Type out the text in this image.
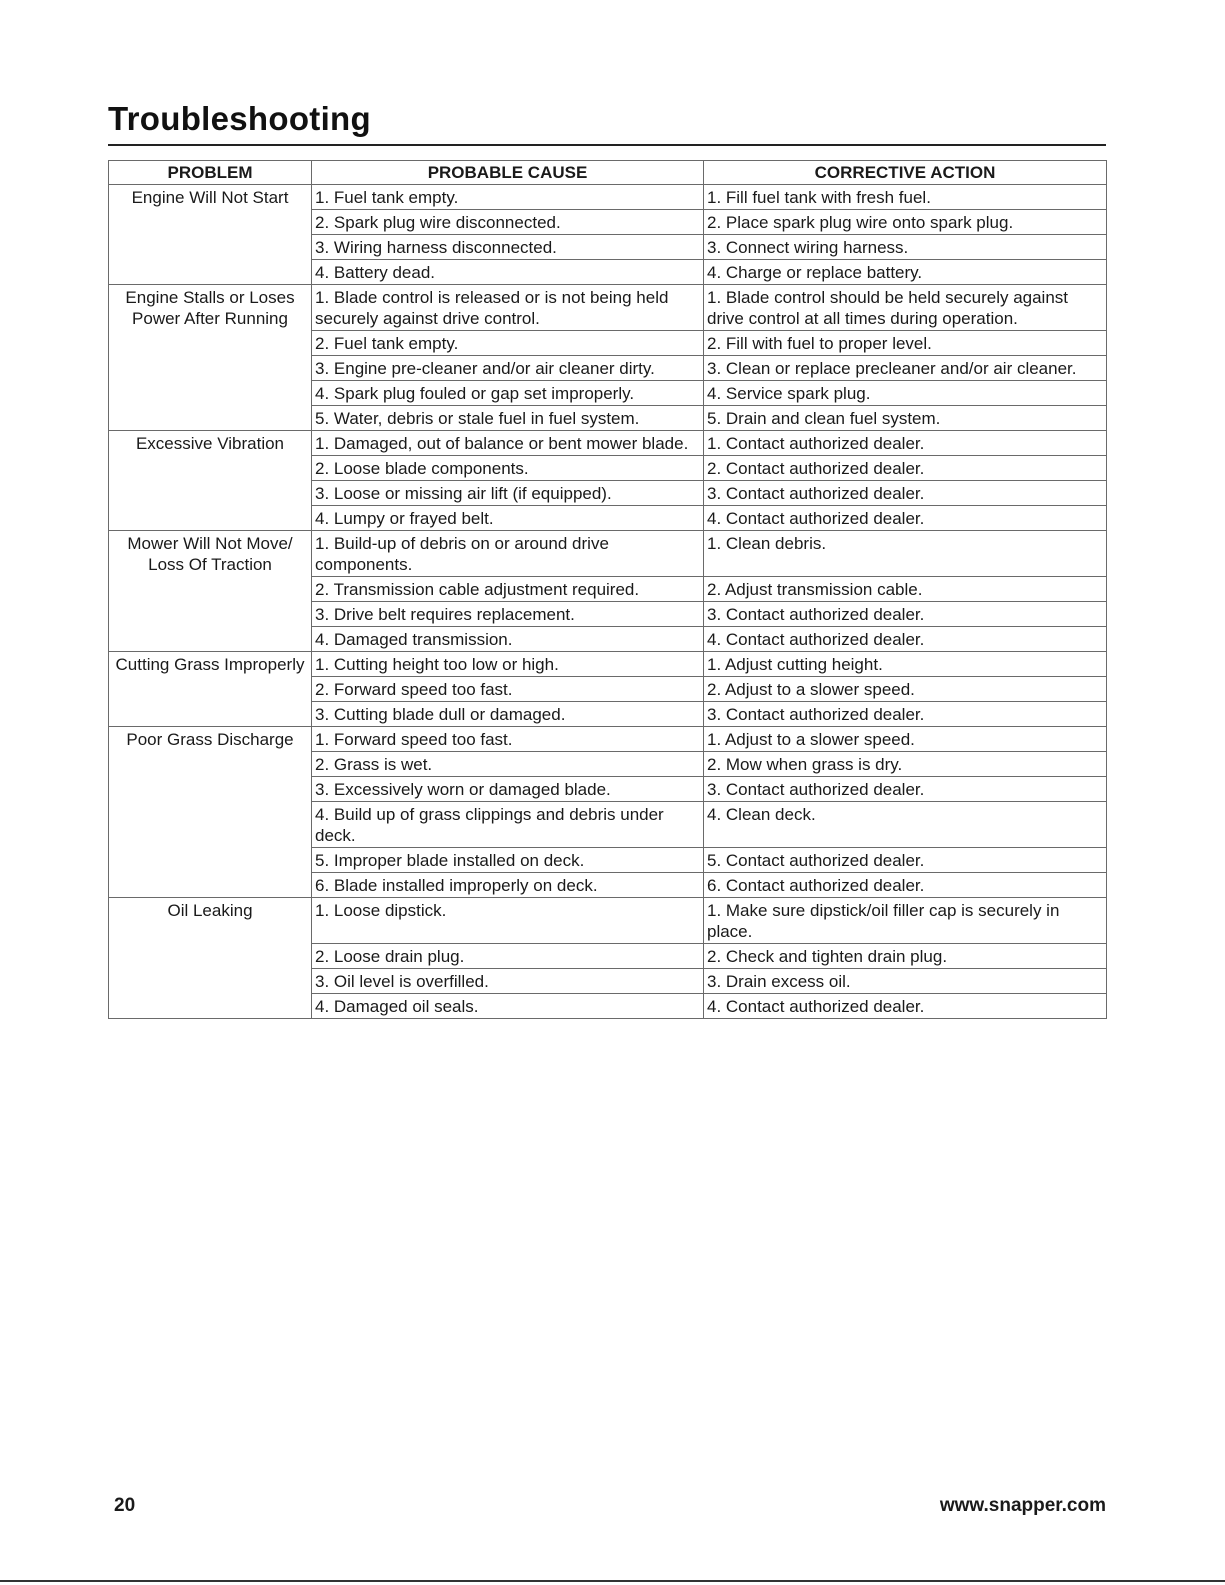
Troubleshooting
PROBLEM	PROBABLE CAUSE	CORRECTIVE ACTION
Engine Will Not Start	1. Fuel tank empty.	1. Fill fuel tank with fresh fuel.
	2. Spark plug wire disconnected.	2. Place spark plug wire onto spark plug.
	3. Wiring harness disconnected.	3. Connect wiring harness.
	4. Battery dead.	4. Charge or replace battery.
Engine Stalls or Loses Power After Running	1. Blade control is released or is not being held securely against drive control.	1. Blade control should be held securely against drive control at all times during operation.
	2. Fuel tank empty.	2. Fill with fuel to proper level.
	3. Engine pre-cleaner and/or air cleaner dirty.	3. Clean or replace precleaner and/or air cleaner.
	4. Spark plug fouled or gap set improperly.	4. Service spark plug.
	5. Water, debris or stale fuel in fuel system.	5. Drain and clean fuel system.
Excessive Vibration	1. Damaged, out of balance or bent mower blade.	1. Contact authorized dealer.
	2. Loose blade components.	2. Contact authorized dealer.
	3. Loose or missing air lift (if equipped).	3. Contact authorized dealer.
	4. Lumpy or frayed belt.	4. Contact authorized dealer.
Mower Will Not Move/ Loss Of Traction	1. Build-up of debris on or around drive components.	1. Clean debris.
	2. Transmission cable adjustment required.	2. Adjust transmission cable.
	3. Drive belt requires replacement.	3. Contact authorized dealer.
	4. Damaged transmission.	4. Contact authorized dealer.
Cutting Grass Improperly	1. Cutting height too low or high.	1. Adjust cutting height.
	2. Forward speed too fast.	2. Adjust to a slower speed.
	3. Cutting blade dull or damaged.	3. Contact authorized dealer.
Poor Grass Discharge	1. Forward speed too fast.	1. Adjust to a slower speed.
	2. Grass is wet.	2. Mow when grass is dry.
	3. Excessively worn or damaged blade.	3. Contact authorized dealer.
	4. Build up of grass clippings and debris under deck.	4. Clean deck.
	5. Improper blade installed on deck.	5. Contact authorized dealer.
	6. Blade installed improperly on deck.	6. Contact authorized dealer.
Oil Leaking	1. Loose dipstick.	1. Make sure dipstick/oil filler cap is securely in place.
	2. Loose drain plug.	2. Check and tighten drain plug.
	3. Oil level is overfilled.	3. Drain excess oil.
	4. Damaged oil seals.	4. Contact authorized dealer.
20	www.snapper.com
